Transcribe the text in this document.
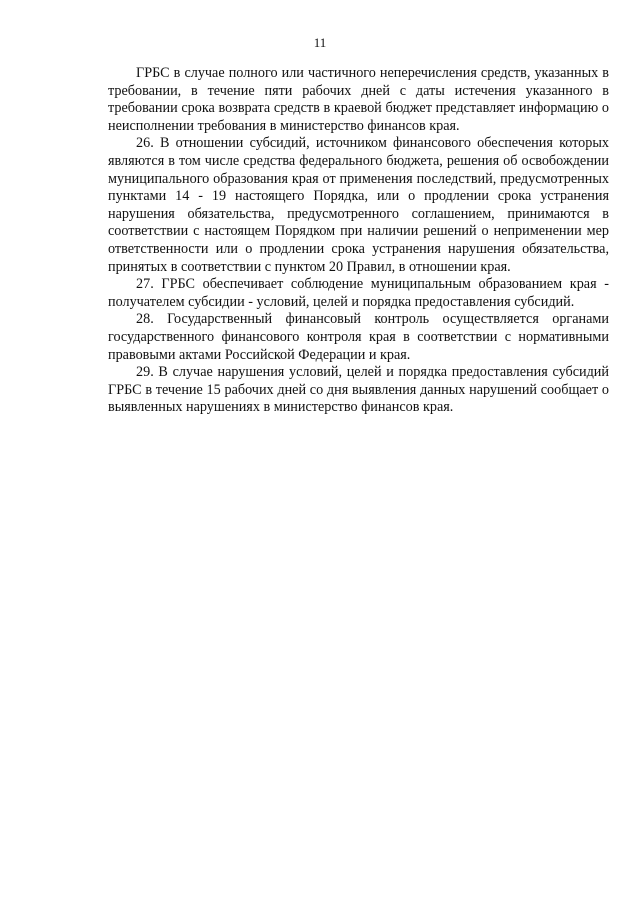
11

ГРБС в случае полного или частичного неперечисления средств, указанных в требовании, в течение пяти рабочих дней с даты истечения указанного в требовании срока возврата средств в краевой бюджет представляет информацию о неисполнении требования в министерство финансов края.

26. В отношении субсидий, источником финансового обеспечения которых являются в том числе средства федерального бюджета, решения об освобождении муниципального образования края от применения последствий, предусмотренных пунктами 14 - 19 настоящего Порядка, или о продлении срока устранения нарушения обязательства, предусмотренного соглашением, принимаются в соответствии с настоящем Порядком при наличии решений о неприменении мер ответственности или о продлении срока устранения нарушения обязательства, принятых в соответствии с пунктом 20 Правил, в отношении края.

27. ГРБС обеспечивает соблюдение муниципальным образованием края - получателем субсидии - условий, целей и порядка предоставления субсидий.

28. Государственный финансовый контроль осуществляется органами государственного финансового контроля края в соответствии с нормативными правовыми актами Российской Федерации и края.

29. В случае нарушения условий, целей и порядка предоставления субсидий ГРБС в течение 15 рабочих дней со дня выявления данных нарушений сообщает о выявленных нарушениях в министерство финансов края.
